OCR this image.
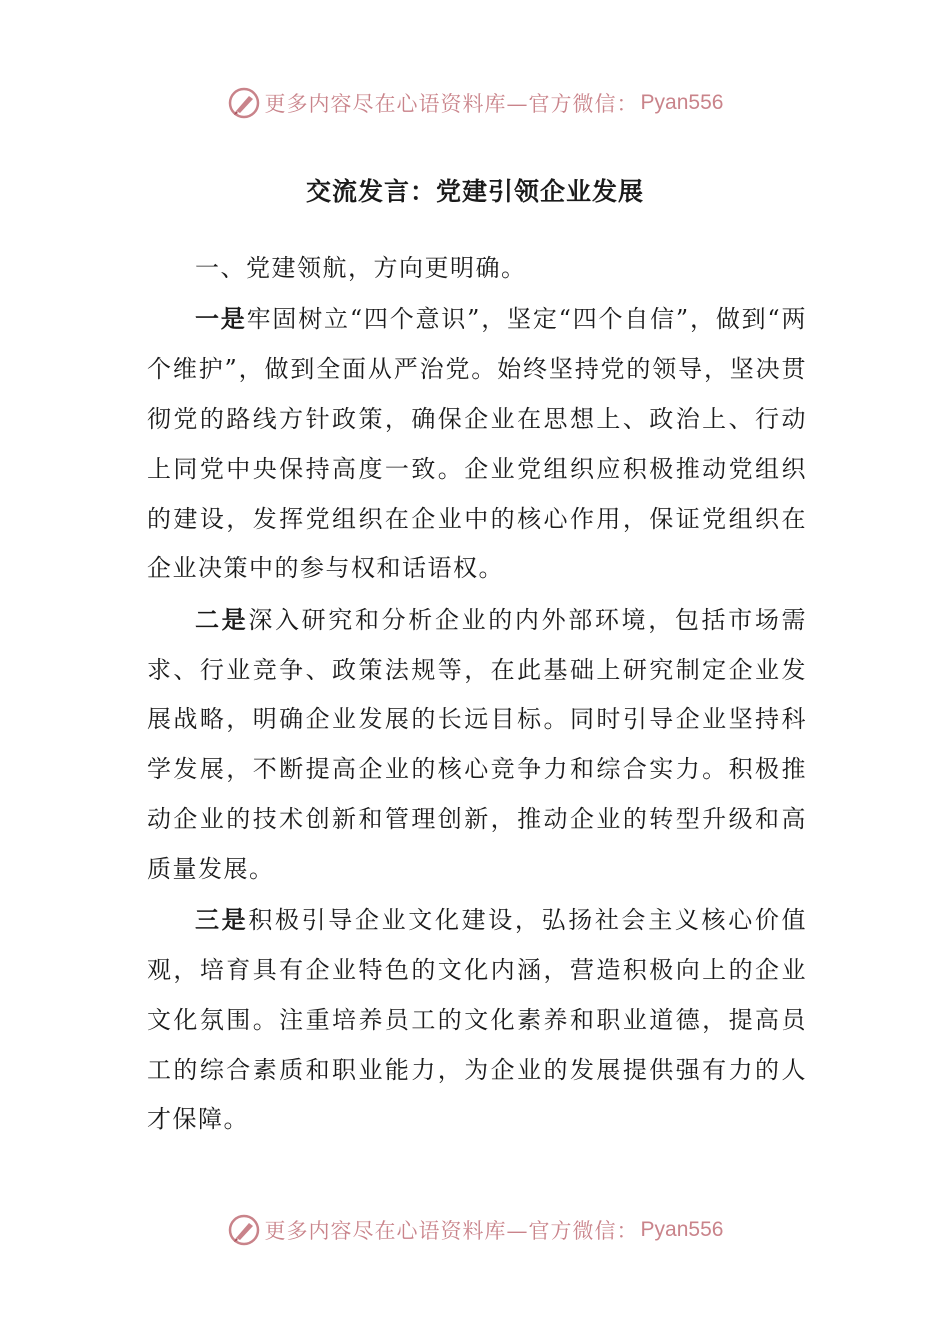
更多内容尽在心语资料库—官方微信： Pyan556
交流发言：党建引领企业发展

一、党建领航，方向更明确。

一是牢固树立“四个意识”，坚定“四个自信”，做到“两个维护”，做到全面从严治党。始终坚持党的领导，坚决贯彻党的路线方针政策，确保企业在思想上、政治上、行动上同党中央保持高度一致。企业党组织应积极推动党组织的建设，发挥党组织在企业中的核心作用，保证党组织在企业决策中的参与权和话语权。

二是深入研究和分析企业的内外部环境，包括市场需求、行业竞争、政策法规等，在此基础上研究制定企业发展战略，明确企业发展的长远目标。同时引导企业坚持科学发展，不断提高企业的核心竞争力和综合实力。积极推动企业的技术创新和管理创新，推动企业的转型升级和高质量发展。

三是积极引导企业文化建设，弘扬社会主义核心价值观，培育具有企业特色的文化内涵，营造积极向上的企业文化氛围。注重培养员工的文化素养和职业道德，提高员工的综合素质和职业能力，为企业的发展提供强有力的人才保障。

更多内容尽在心语资料库—官方微信： Pyan556
